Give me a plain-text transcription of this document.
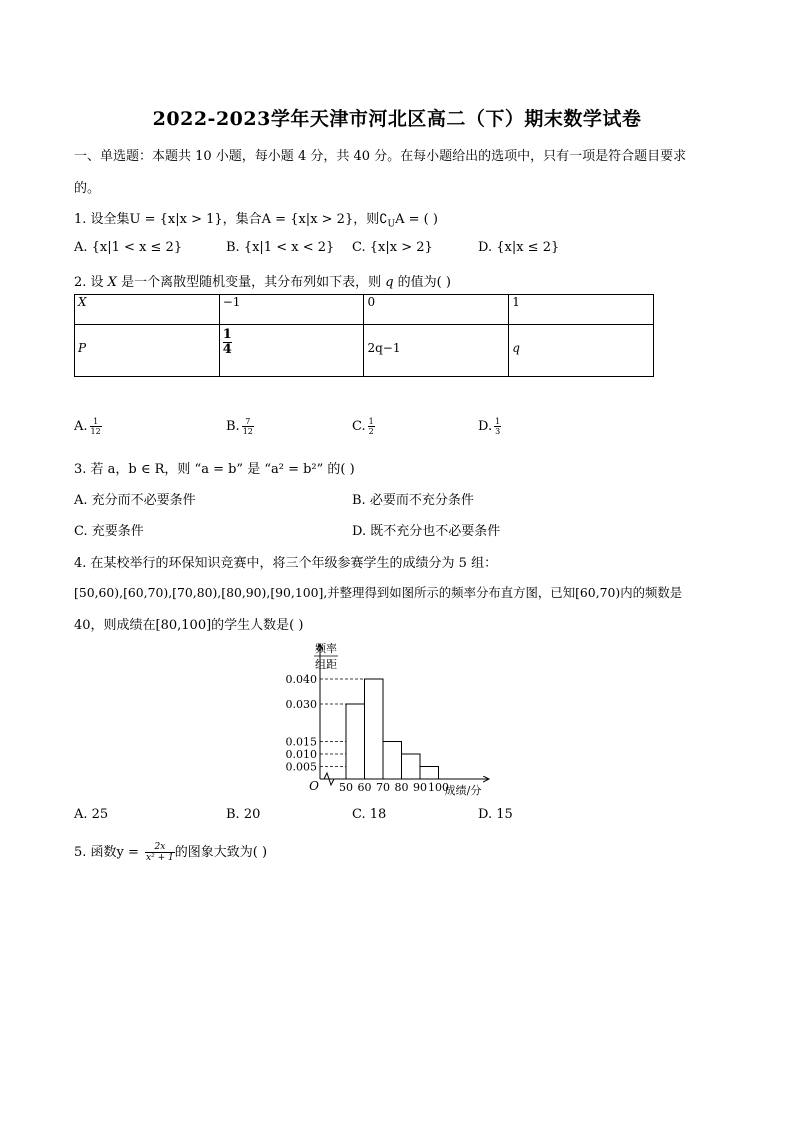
2022-2023学年天津市河北区高二（下）期末数学试卷
一、单选题：本题共 10 小题，每小题 4 分，共 40 分。在每小题给出的选项中，只有一项是符合题目要求
的。
1. 设全集U = {x|x > 1}，集合A = {x|x > 2}，则$∁_UA$ = ( )
A. {x|1 < x ≤ 2}	B. {x|1 < x < 2} C. {x|x > 2}	D. {x|x ≤ 2}
2. 设 X 是一个离散型随机变量，其分布列如下表，则 q 的值为( )
X	−1	0	1

P	$\frac{1}{4}$	2q−1	q
A. $\frac{1}{12}$	B. $\frac{7}{12}$	C. $\frac{1}{2}$	D. $\frac{1}{3}$
3. 若 a，b ∈ R，则 “a = b” 是 “a² = b²” 的( )
A. 充分而不必要条件	B. 必要而不充分条件
C. 充要条件	D. 既不充分也不必要条件
4. 在某校举行的环保知识竞赛中，将三个年级参赛学生的成绩分为 5 组：
[50,60),[60,70),[70,80),[80,90),[90,100],并整理得到如图所示的频率分布直方图，已知[60,70)内的频数是
40，则成绩在[80,100]的学生人数是( )
频率
组距
0.040
0.030
0.015
0.010
0.005
50 60 70 80 90 100
O	成绩/分
A. 25	B. 20	C. 18	D. 15
5. 函数$y = \frac{2x}{\text{x² + 1}}$ 的图象大致为( )
